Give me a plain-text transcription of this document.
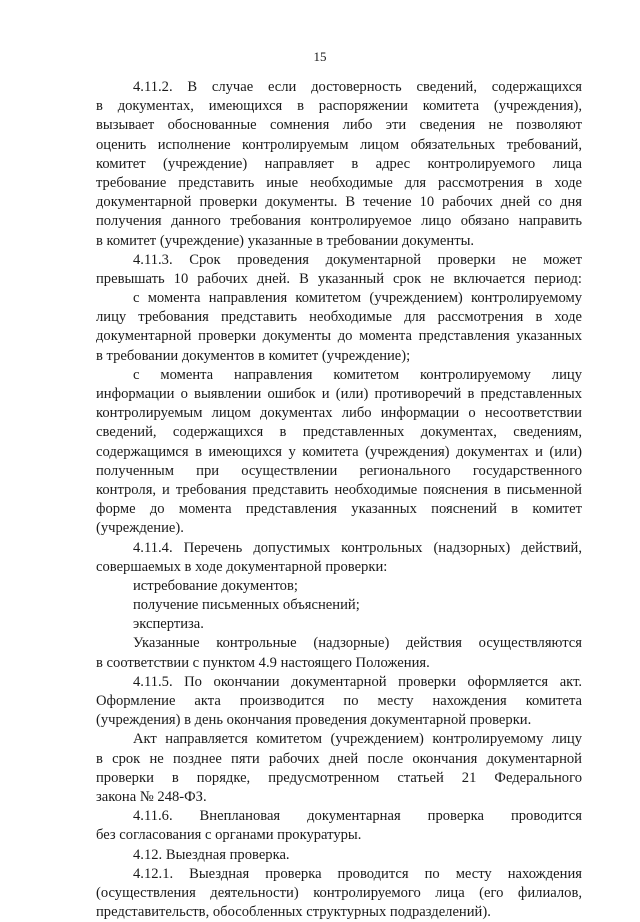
15
4.11.2. В случае если достоверность сведений, содержащихся
в документах, имеющихся в распоряжении комитета (учреждения),
вызывает обоснованные сомнения либо эти сведения не позволяют
оценить исполнение контролируемым лицом обязательных требований,
комитет (учреждение) направляет в адрес контролируемого лица
требование представить иные необходимые для рассмотрения в ходе
документарной проверки документы. В течение 10 рабочих дней со дня
получения данного требования контролируемое лицо обязано направить
в комитет (учреждение) указанные в требовании документы.
4.11.3. Срок проведения документарной проверки не может
превышать 10 рабочих дней. В указанный срок не включается период:
с момента направления комитетом (учреждением) контролируемому
лицу требования представить необходимые для рассмотрения в ходе
документарной проверки документы до момента представления указанных
в требовании документов в комитет (учреждение);
с момента направления комитетом контролируемому лицу
информации о выявлении ошибок и (или) противоречий в представленных
контролируемым лицом документах либо информации о несоответствии
сведений, содержащихся в представленных документах, сведениям,
содержащимся в имеющихся у комитета (учреждения) документах и (или)
полученным при осуществлении регионального государственного
контроля, и требования представить необходимые пояснения в письменной
форме до момента представления указанных пояснений в комитет
(учреждение).
4.11.4. Перечень допустимых контрольных (надзорных) действий,
совершаемых в ходе документарной проверки:
истребование документов;
получение письменных объяснений;
экспертиза.
Указанные контрольные (надзорные) действия осуществляются
в соответствии с пунктом 4.9 настоящего Положения.
4.11.5. По окончании документарной проверки оформляется акт.
Оформление акта производится по месту нахождения комитета
(учреждения) в день окончания проведения документарной проверки.
Акт направляется комитетом (учреждением) контролируемому лицу
в срок не позднее пяти рабочих дней после окончания документарной
проверки в порядке, предусмотренном статьей 21 Федерального
закона № 248-ФЗ.
4.11.6. Внеплановая документарная проверка проводится
без согласования с органами прокуратуры.
4.12. Выездная проверка.
4.12.1. Выездная проверка проводится по месту нахождения
(осуществления деятельности) контролируемого лица (его филиалов,
представительств, обособленных структурных подразделений).
